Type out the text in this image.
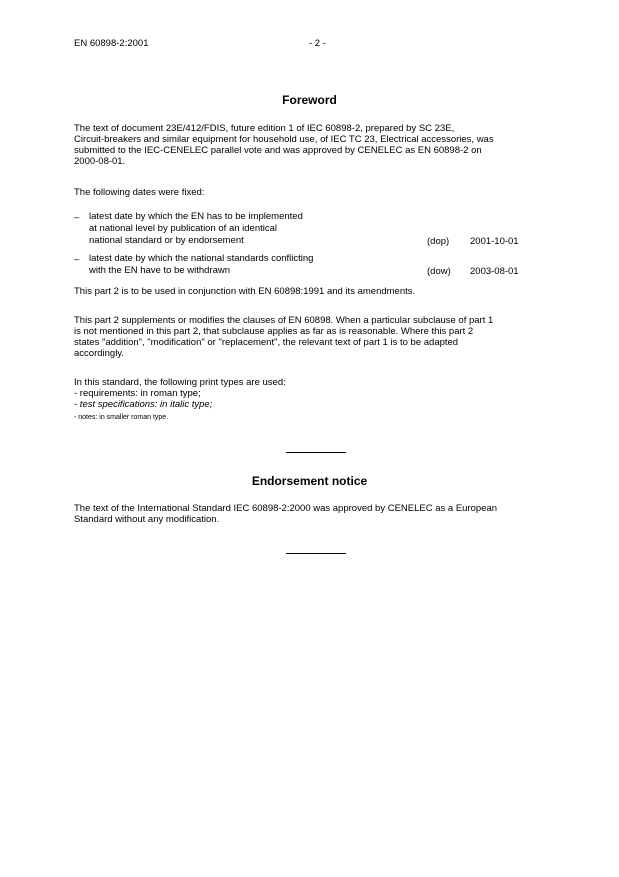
EN 60898-2:2001	- 2 -
Foreword
The text of document 23E/412/FDIS, future edition 1 of IEC 60898-2, prepared by SC 23E,
Circuit-breakers and similar equipment for household use, of IEC TC 23, Electrical accessories, was
submitted to the IEC-CENELEC parallel vote and was approved by CENELEC as EN 60898-2 on
2000-08-01.
The following dates were fixed:
– latest date by which the EN has to be implemented
at national level by publication of an identical
national standard or by endorsement	(dop) 2001-10-01
– latest date by which the national standards conflicting
with the EN have to be withdrawn	(dow) 2003-08-01
This part 2 is to be used in conjunction with EN 60898:1991 and its amendments.
This part 2 supplements or modifies the clauses of EN 60898. When a particular subclause of part 1
is not mentioned in this part 2, that subclause applies as far as is reasonable. Where this part 2
states "addition", "modification" or "replacement", the relevant text of part 1 is to be adapted
accordingly.
In this standard, the following print types are used:
- requirements: in roman type;
- test specifications: in italic type;
- notes: in smaller roman type.
Endorsement notice
The text of the International Standard IEC 60898-2:2000 was approved by CENELEC as a European
Standard without any modification.
